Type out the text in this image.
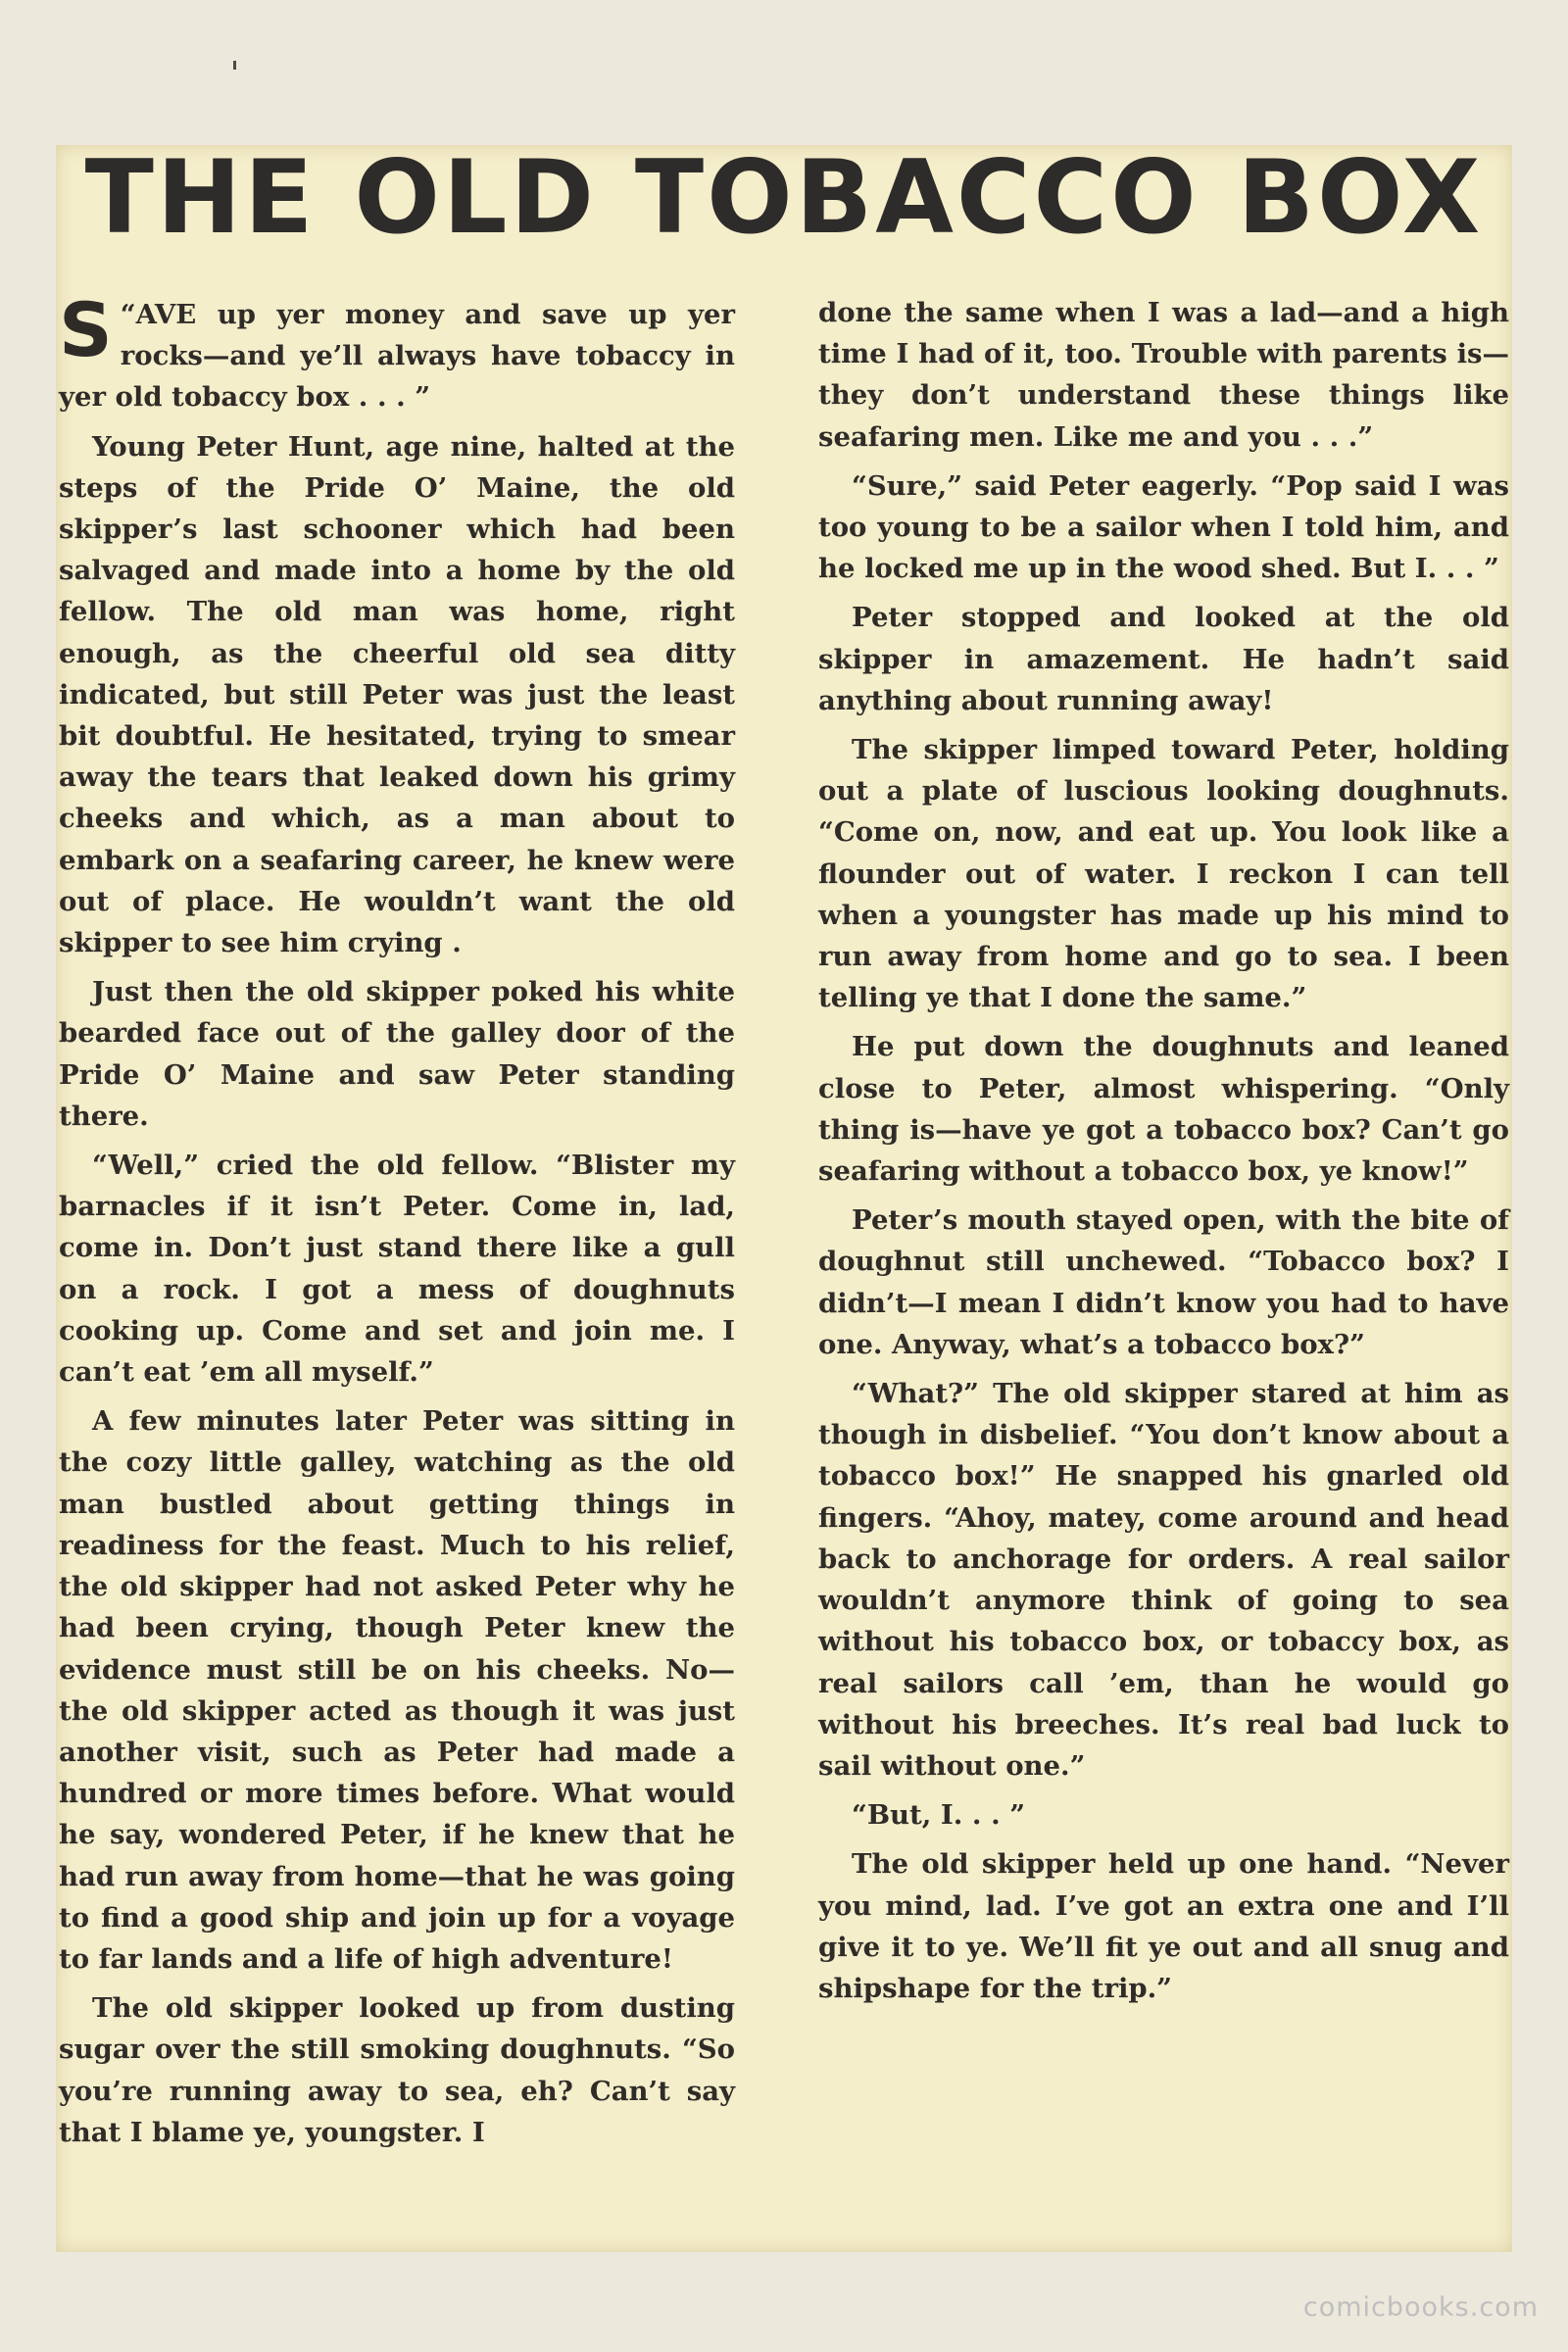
THE OLD TOBACCO BOX

“
S AVE up yer money and save up yer rocks—and ye’ll always have tobaccy in yer old tobaccy box . . . ”

Young Peter Hunt, age nine, halted at the steps of the Pride O’ Maine, the old skipper’s last schooner which had been salvaged and made into a home by the old fellow. The old man was home, right enough, as the cheerful old sea ditty indicated, but still Peter was just the least bit doubtful. He hesitated, trying to smear away the tears that leaked down his grimy cheeks and which, as a man about to embark on a seafaring career, he knew were out of place. He wouldn’t want the old skipper to see him crying .

Just then the old skipper poked his white bearded face out of the galley door of the Pride O’ Maine and saw Peter standing there.

“Well,” cried the old fellow. “Blister my barnacles if it isn’t Peter. Come in, lad, come in. Don’t just stand there like a gull on a rock. I got a mess of doughnuts cooking up. Come and set and join me. I can’t eat ’em all myself.”

A few minutes later Peter was sitting in the cozy little galley, watching as the old man bustled about getting things in readiness for the feast. Much to his relief, the old skipper had not asked Peter why he had been crying, though Peter knew the evidence must still be on his cheeks. No—the old skipper acted as though it was just another visit, such as Peter had made a hundred or more times before. What would he say, wondered Peter, if he knew that he had run away from home—that he was going to find a good ship and join up for a voyage to far lands and a life of high adventure!

The old skipper looked up from dusting sugar over the still smoking doughnuts. “So you’re running away to sea, eh? Can’t say that I blame ye, youngster. I

done the same when I was a lad—and a high time I had of it, too. Trouble with parents is—they don’t understand these things like seafaring men. Like me and you . . .”

“Sure,” said Peter eagerly. “Pop said I was too young to be a sailor when I told him, and he locked me up in the wood shed. But I. . . ”

Peter stopped and looked at the old skipper in amazement. He hadn’t said anything about running away!

The skipper limped toward Peter, holding out a plate of luscious looking doughnuts. “Come on, now, and eat up. You look like a flounder out of water. I reckon I can tell when a youngster has made up his mind to run away from home and go to sea. I been telling ye that I done the same.”

He put down the doughnuts and leaned close to Peter, almost whispering. “Only thing is—have ye got a tobacco box? Can’t go seafaring without a tobacco box, ye know!”

Peter’s mouth stayed open, with the bite of doughnut still unchewed. “Tobacco box? I didn’t—I mean I didn’t know you had to have one. Anyway, what’s a tobacco box?”

“What?” The old skipper stared at him as though in disbelief. “You don’t know about a tobacco box!” He snapped his gnarled old fingers. “Ahoy, matey, come around and head back to anchorage for orders. A real sailor wouldn’t anymore think of going to sea without his tobacco box, or tobaccy box, as real sailors call ’em, than he would go without his breeches. It’s real bad luck to sail without one.”

“But, I. . . ”

The old skipper held up one hand. “Never you mind, lad. I’ve got an extra one and I’ll give it to ye. We’ll fit ye out and all snug and shipshape for the trip.”

comicbooks.com
